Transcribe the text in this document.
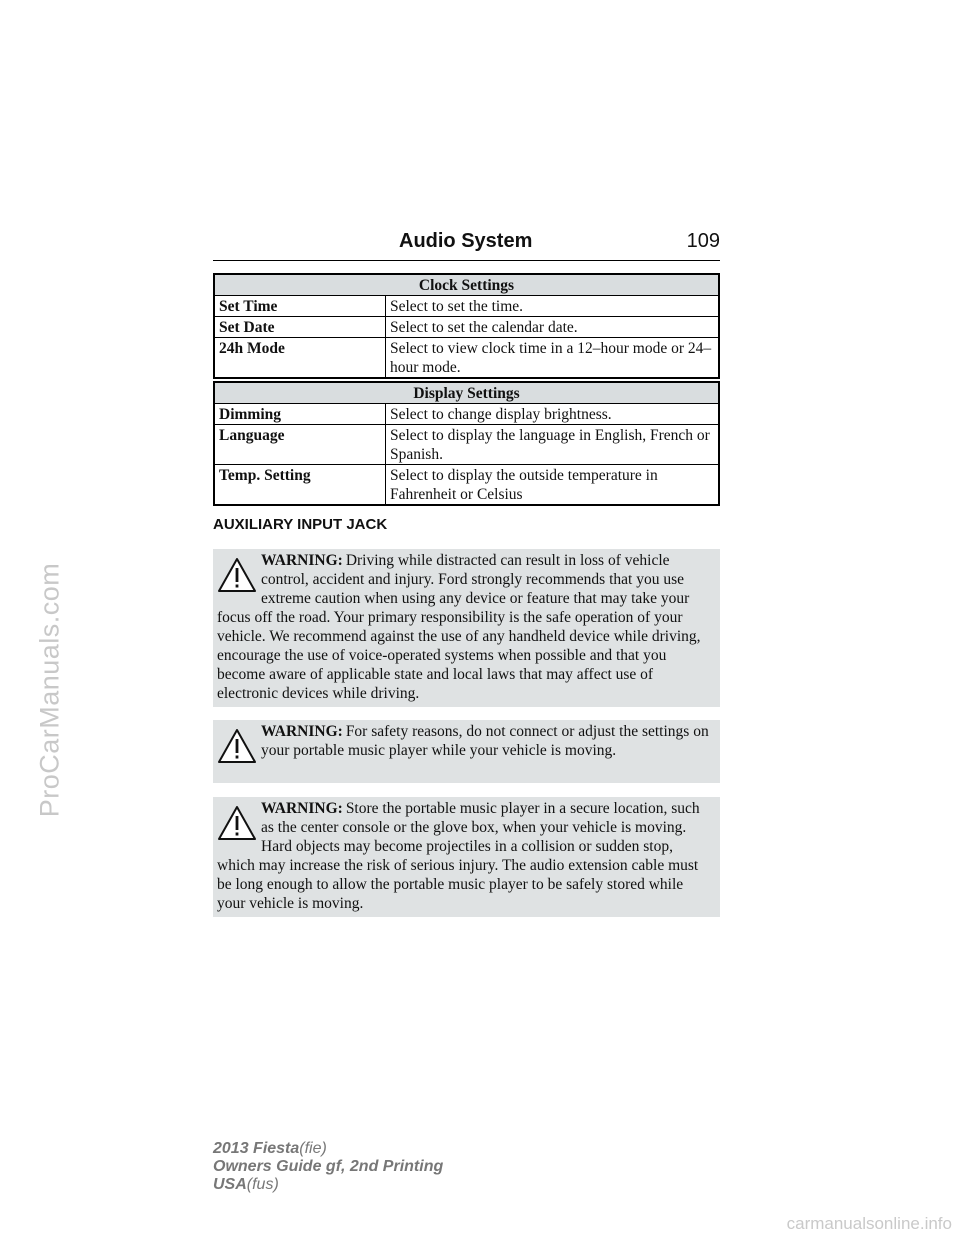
ProCarManuals.com
Audio System	109
Clock Settings	
Set Time	Select to set the time.
Set Date	Select to set the calendar date.
24h Mode	Select to view clock time in a 12–hour mode or 24–hour mode.
Display Settings	
Dimming	Select to change display brightness.
Language	Select to display the language in English, French or Spanish.
Temp. Setting	Select to display the outside temperature in Fahrenheit or Celsius
AUXILIARY INPUT JACK
WARNING: Driving while distracted can result in loss of vehicle control, accident and injury. Ford strongly recommends that you use extreme caution when using any device or feature that may take your focus off the road. Your primary responsibility is the safe operation of your vehicle. We recommend against the use of any handheld device while driving, encourage the use of voice-operated systems when possible and that you become aware of applicable state and local laws that may affect use of electronic devices while driving.
WARNING: For safety reasons, do not connect or adjust the settings on your portable music player while your vehicle is moving.
WARNING: Store the portable music player in a secure location, such as the center console or the glove box, when your vehicle is moving. Hard objects may become projectiles in a collision or sudden stop, which may increase the risk of serious injury. The audio extension cable must be long enough to allow the portable music player to be safely stored while your vehicle is moving.
2013 Fiesta(fie)
Owners Guide gf, 2nd Printing
USA(fus)
carmanualsonline.info
